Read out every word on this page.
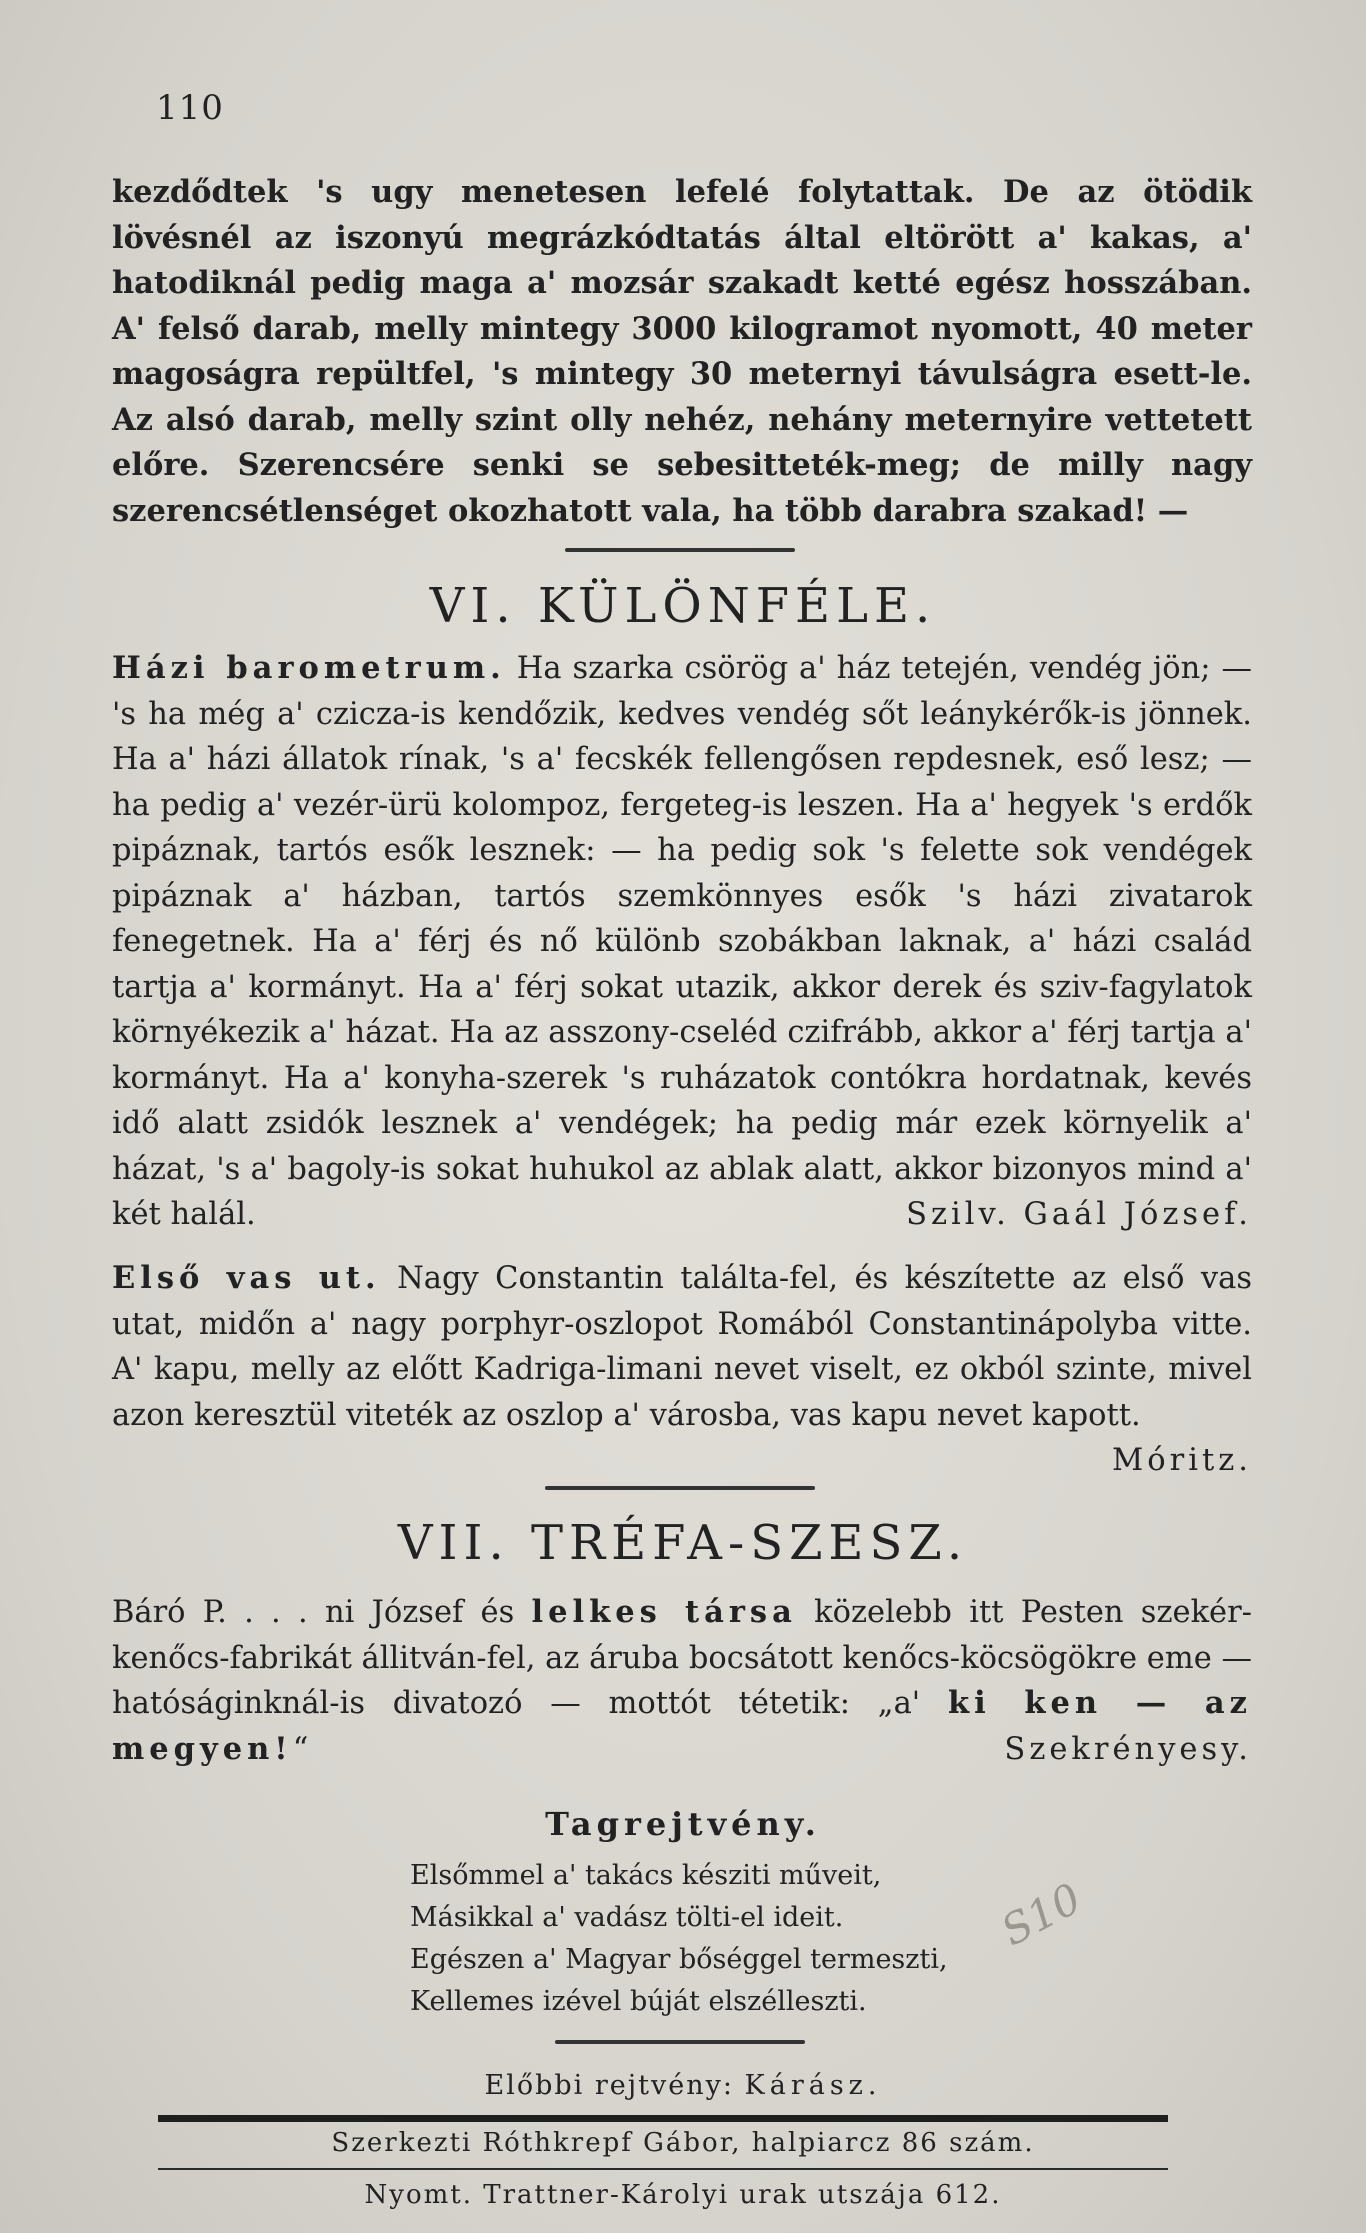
110

kezdődtek 's ugy menetesen lefelé folytattak. De az ötödik lövésnél az iszonyú megrázkódtatás által eltörött a' kakas, a' hatodiknál pedig maga a' mozsár szakadt ketté egész hosszában. A' felső darab, melly mintegy 3000 kilogramot nyomott, 40 meter magoságra repültfel, 's mintegy 30 meternyi távulságra esett-le. Az alsó darab, melly szint olly nehéz, nehány meternyire vettetett előre. Szerencsére senki se sebesitteték-meg; de milly nagy szerencsétlenséget okozhatott vala, ha több darabra szakad! —

VI. KÜLÖNFÉLE.

Házi barometrum. Ha szarka csörög a' ház tetején, vendég jön; — 's ha még a' czicza-is kendőzik, kedves vendég sőt leánykérők-is jönnek. Ha a' házi állatok rínak, 's a' fecskék fellengősen repdesnek, eső lesz; — ha pedig a' vezér-ürü kolompoz, fergeteg-is leszen. Ha a' hegyek 's erdők pipáznak, tartós esők lesznek: — ha pedig sok 's felette sok vendégek pipáznak a' házban, tartós szemkönnyes esők 's házi zivatarok fenegetnek. Ha a' férj és nő különb szobákban laknak, a' házi család tartja a' kormányt. Ha a' férj sokat utazik, akkor derek és sziv-fagylatok környékezik a' házat. Ha az asszony-cseléd czifrább, akkor a' férj tartja a' kormányt. Ha a' konyha-szerek 's ruházatok contókra hordatnak, kevés idő alatt zsidók lesznek a' vendégek; ha pedig már ezek környelik a' házat, 's a' bagoly-is sokat huhukol az ablak alatt, akkor bizonyos mind a' két halál.	Szilv. Gaál József.

Első vas ut. Nagy Constantin találta-fel, és készítette az első vas utat, midőn a' nagy porphyr-oszlopot Romából Constantinápolyba vitte. A' kapu, melly az előtt Kadriga-limani nevet viselt, ez okból szinte, mivel azon keresztül viteték az oszlop a' városba, vas kapu nevet kapott.
Móritz.

VII. TRÉFA-SZESZ.

Báró P. . . . ni József és lelkes társa közelebb itt Pesten szekér-kenőcs-fabrikát állitván-fel, az áruba bocsátott kenőcs-köcsögökre eme — hatóságinknál-is divatozó — mottót tétetik: „a' ki ken — az megyen!“	Szekrényesy.

Tagrejtvény.
Elsőmmel a' takács késziti műveit,
Másikkal a' vadász tölti-el ideit.
Egészen a' Magyar bőséggel termeszti,
Kellemes izével búját elszélleszti.
S10
Előbbi rejtvény: Kárász.
Szerkezti Róthkrepf Gábor, halpiarcz 86 szám.
Nyomt. Trattner-Károlyi urak utszája 612.
